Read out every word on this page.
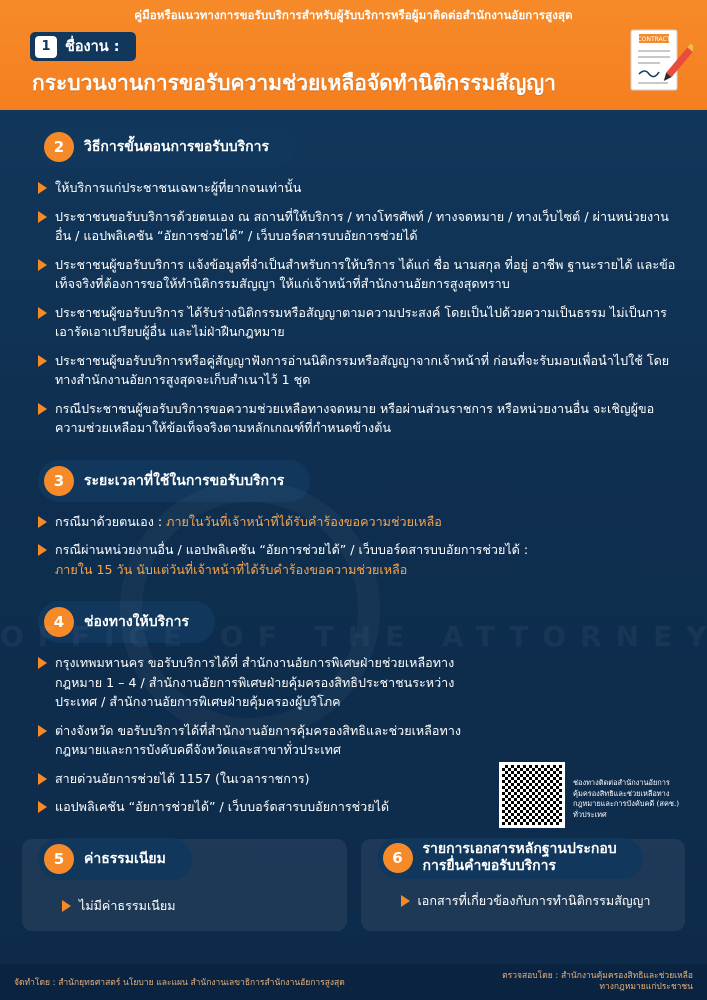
คู่มือหรือแนวทางการขอรับบริการสำหรับผู้รับบริการหรือผู้มาติดต่อสำนักงานอัยการสูงสุด
1 ชื่องาน :
กระบวนงานการขอรับความช่วยเหลือจัดทำนิติกรรมสัญญา
CONTRACT
2	วิธีการขั้นตอนการขอรับบริการ
ให้บริการแก่ประชาชนเฉพาะผู้ที่ยากจนเท่านั้น
ประชาชนขอรับบริการด้วยตนเอง ณ สถานที่ให้บริการ / ทางโทรศัพท์ / ทางจดหมาย / ทางเว็บไซต์ / ผ่านหน่วยงานอื่น / แอปพลิเคชัน “อัยการช่วยได้” / เว็บบอร์ดสารบบอัยการช่วยได้
ประชาชนผู้ขอรับบริการ แจ้งข้อมูลที่จำเป็นสำหรับการให้บริการ ได้แก่ ชื่อ นามสกุล ที่อยู่ อาชีพ ฐานะรายได้ และข้อเท็จจริงที่ต้องการขอให้ทำนิติกรรมสัญญา ให้แก่เจ้าหน้าที่สำนักงานอัยการสูงสุดทราบ
ประชาชนผู้ขอรับบริการ ได้รับร่างนิติกรรมหรือสัญญาตามความประสงค์ โดยเป็นไปด้วยความเป็นธรรม ไม่เป็นการเอารัดเอาเปรียบผู้อื่น และไม่ฝ่าฝืนกฎหมาย
ประชาชนผู้ขอรับบริการหรือคู่สัญญาฟังการอ่านนิติกรรมหรือสัญญาจากเจ้าหน้าที่ ก่อนที่จะรับมอบเพื่อนำไปใช้ โดยทางสำนักงานอัยการสูงสุดจะเก็บสำเนาไว้ 1 ชุด
กรณีประชาชนผู้ขอรับบริการขอความช่วยเหลือทางจดหมาย หรือผ่านส่วนราชการ หรือหน่วยงานอื่น จะเชิญผู้ขอความช่วยเหลือมาให้ข้อเท็จจริงตามหลักเกณฑ์ที่กำหนดข้างต้น
3	ระยะเวลาที่ใช้ในการขอรับบริการ
กรณีมาด้วยตนเอง : ภายในวันที่เจ้าหน้าที่ได้รับคำร้องขอความช่วยเหลือ
กรณีผ่านหน่วยงานอื่น / แอปพลิเคชัน “อัยการช่วยได้” / เว็บบอร์ดสารบบอัยการช่วยได้ :
ภายใน 15 วัน นับแต่วันที่เจ้าหน้าที่ได้รับคำร้องขอความช่วยเหลือ
4	ช่องทางให้บริการ
กรุงเทพมหานคร ขอรับบริการได้ที่ สำนักงานอัยการพิเศษฝ่ายช่วยเหลือทางกฎหมาย 1 – 4 / สำนักงานอัยการพิเศษฝ่ายคุ้มครองสิทธิประชาชนระหว่างประเทศ / สำนักงานอัยการพิเศษฝ่ายคุ้มครองผู้บริโภค
ต่างจังหวัด ขอรับบริการได้ที่สำนักงานอัยการคุ้มครองสิทธิและช่วยเหลือทางกฎหมายและการบังคับคดีจังหวัดและสาขาทั่วประเทศ
สายด่วนอัยการช่วยได้ 1157 (ในเวลาราชการ)
แอปพลิเคชัน “อัยการช่วยได้” / เว็บบอร์ดสารบบอัยการช่วยได้
ช่องทางติดต่อสำนักงานอัยการคุ้มครองสิทธิและช่วยเหลือทางกฎหมายและการบังคับคดี (สคช.) ทั่วประเทศ
5	ค่าธรรมเนียม
ไม่มีค่าธรรมเนียม
6
รายการเอกสารหลักฐานประกอบ
การยื่นคำขอรับบริการ
เอกสารที่เกี่ยวข้องกับการทำนิติกรรมสัญญา
จัดทำโดย : สำนักยุทธศาสตร์ นโยบาย และแผน สำนักงานเลขาธิการสำนักงานอัยการสูงสุด
ตรวจสอบโดย : สำนักงานคุ้มครองสิทธิและช่วยเหลือ
ทางกฎหมายแก่ประชาชน
